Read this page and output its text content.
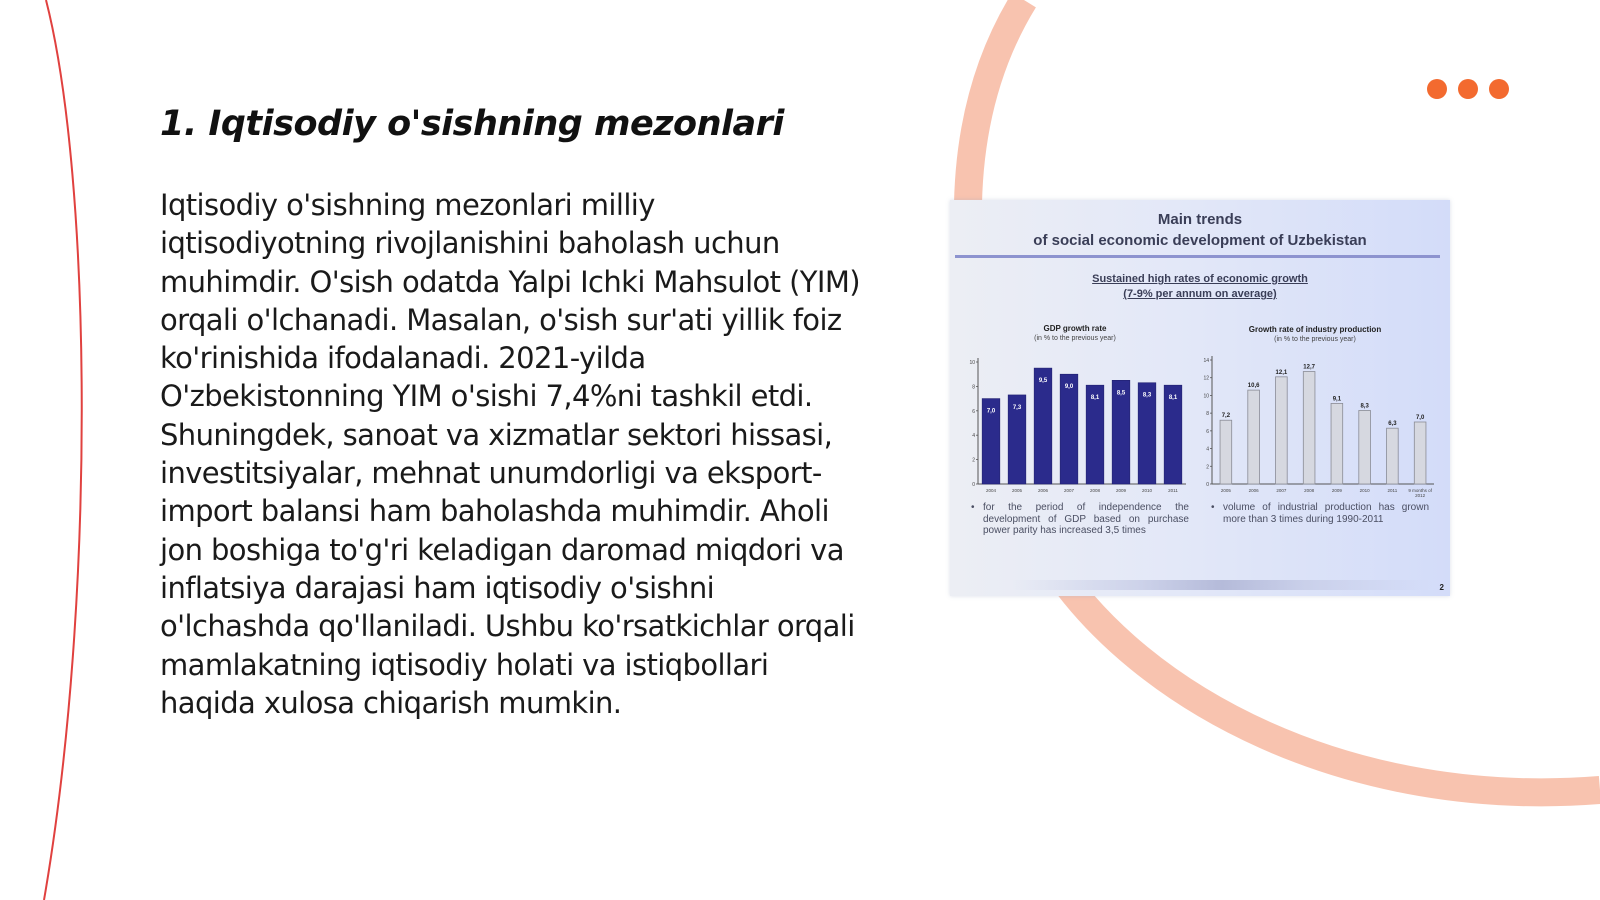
1. Iqtisodiy o'sishning mezonlari

Iqtisodiy o'sishning mezonlari milliy iqtisodiyotning rivojlanishini baholash uchun muhimdir. O'sish odatda Yalpi Ichki Mahsulot (YIM) orqali o'lchanadi. Masalan, o'sish sur'ati yillik foiz ko'rinishida ifodalanadi. 2021-yilda O'zbekistonning YIM o'sishi 7,4%ni tashkil etdi. Shuningdek, sanoat va xizmatlar sektori hissasi, investitsiyalar, mehnat unumdorligi va eksport-import balansi ham baholashda muhimdir. Aholi jon boshiga to'g'ri keladigan daromad miqdori va inflatsiya darajasi ham iqtisodiy o'sishni o'lchashda qo'llaniladi. Ushbu ko'rsatkichlar orqali mamlakatning iqtisodiy holati va istiqbollari haqida xulosa chiqarish mumkin.

Main trends
of social economic development of Uzbekistan
Sustained high rates of economic growth
(7-9% per annum on average)
GDP growth rate
(in % to the previous year)
Growth rate of industry production
(in % to the previous year)
0
2
4
6
8
10
7,0
2004
7,3
2005
9,5
2006
9,0
2007
8,1
2008
8,5
2009
8,3
2010
8,1
2011
0
2
4
6
8
10
12
14
7,2
2005
10,6
2006
12,1
2007
12,7
2008
9,1
2009
8,3
2010
6,3
2011
7,0
9 months of 2012
• for the period of independence the development of GDP based on purchase power parity has increased 3,5 times
• volume of industrial production has grown more than 3 times during 1990-2011
2
